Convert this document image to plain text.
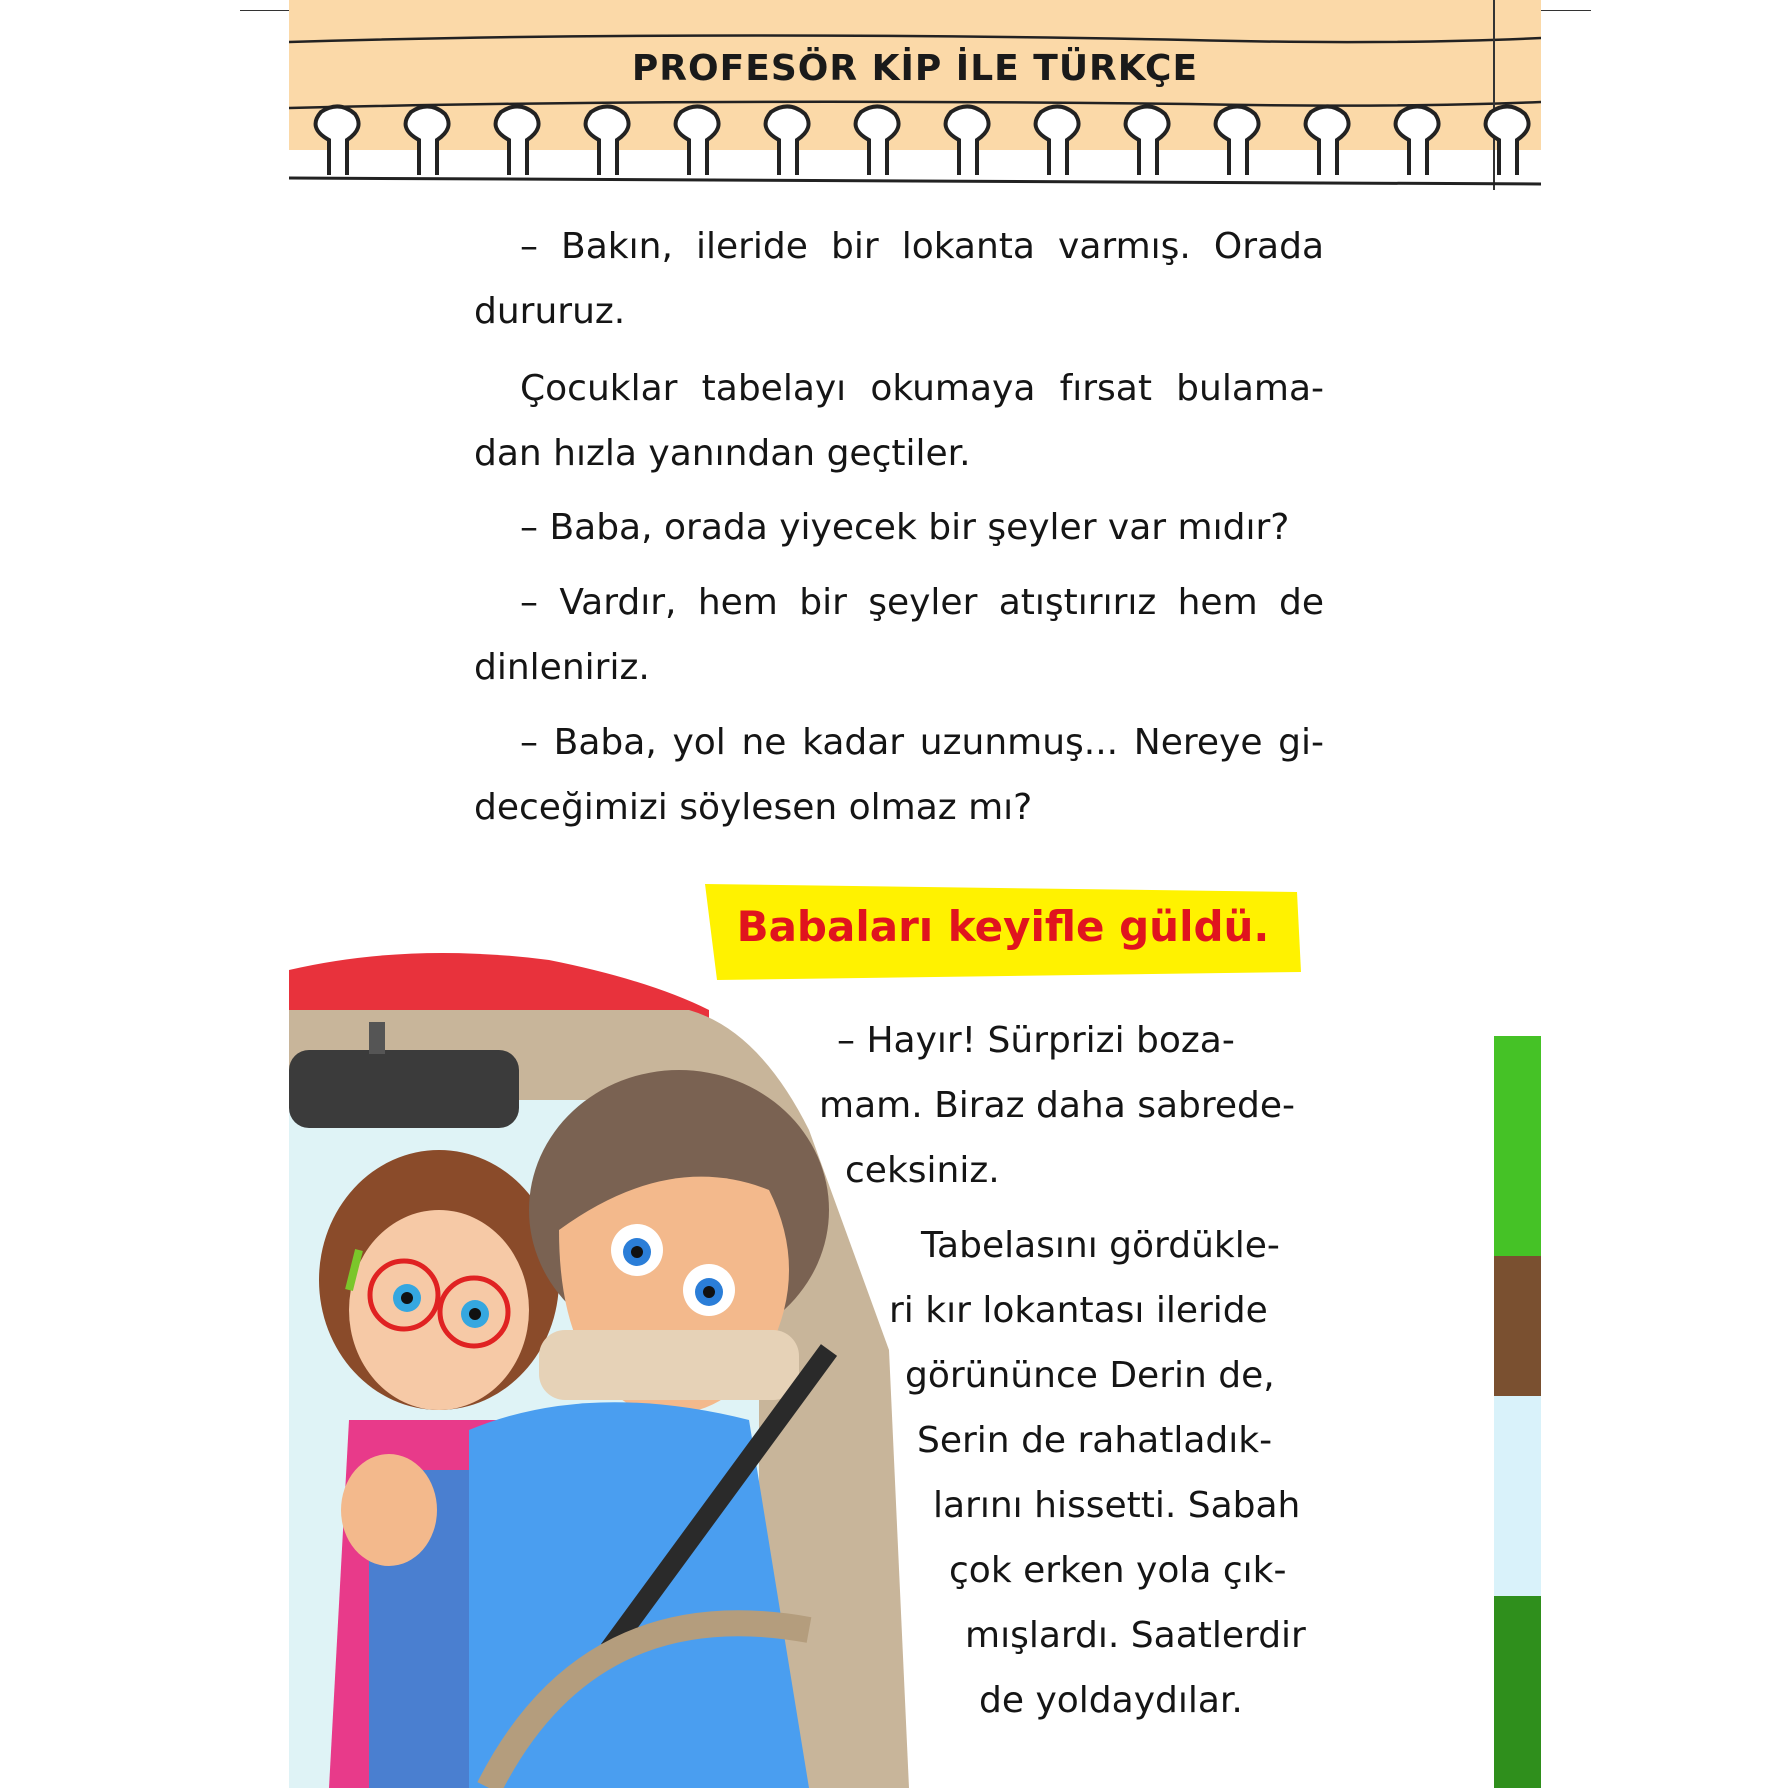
PROFESÖR KİP İLE TÜRKÇE

– Bakın, ileride bir lokanta varmış. Orada dururuz.

Çocuklar tabelayı okumaya fırsat bulama-dan hızla yanından geçtiler.

– Baba, orada yiyecek bir şeyler var mıdır?

– Vardır, hem bir şeyler atıştırırız hem de dinleniriz.

– Baba, yol ne kadar uzunmuş... Nereye gi-deceğimizi söylesen olmaz mı?

Babaları keyifle güldü.
– Hayır! Sürprizi boza-
mam. Biraz daha sabrede-
ceksiniz.
Tabelasını gördükle-
ri kır lokantası ileride
görününce Derin de,
Serin de rahatladık-
larını hissetti. Sabah
çok erken yola çık-
mışlardı. Saatlerdir
de yoldaydılar.
